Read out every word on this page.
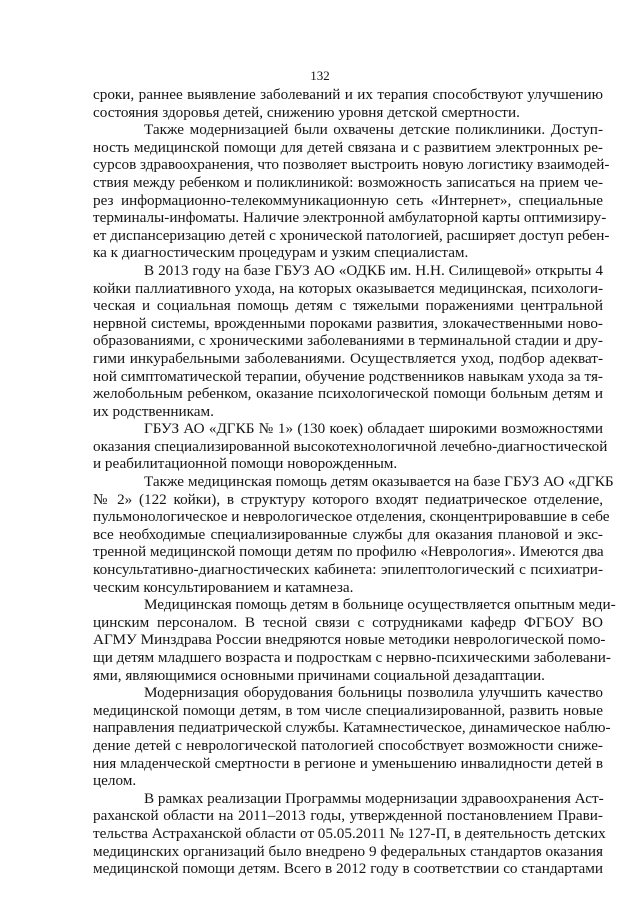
132
сроки, раннее выявление заболеваний и их терапия способствуют улучшению
состояния здоровья детей, снижению уровня детской смертности.
Также модернизацией были охвачены детские поликлиники. Доступ-
ность медицинской помощи для детей связана и с развитием электронных ре-
сурсов здравоохранения, что позволяет выстроить новую логистику взаимодей-
ствия между ребенком и поликлиникой: возможность записаться на прием че-
рез информационно-телекоммуникационную сеть «Интернет», специальные
терминалы-инфоматы. Наличие электронной амбулаторной карты оптимизиру-
ет диспансеризацию детей с хронической патологией, расширяет доступ ребен-
ка к диагностическим процедурам и узким специалистам.
В 2013 году на базе ГБУЗ АО «ОДКБ им. Н.Н. Силищевой» открыты 4
койки паллиативного ухода, на которых оказывается медицинская, психологи-
ческая и социальная помощь детям с тяжелыми поражениями центральной
нервной системы, врожденными пороками развития, злокачественными ново-
образованиями, с хроническими заболеваниями в терминальной стадии и дру-
гими инкурабельными заболеваниями. Осуществляется уход, подбор адекват-
ной симптоматической терапии, обучение родственников навыкам ухода за тя-
желобольным ребенком, оказание психологической помощи больным детям и
их родственникам.
ГБУЗ АО «ДГКБ № 1» (130 коек) обладает широкими возможностями
оказания специализированной высокотехнологичной лечебно-диагностической
и реабилитационной помощи новорожденным.
Также медицинская помощь детям оказывается на базе ГБУЗ АО «ДГКБ
№ 2» (122 койки), в структуру которого входят педиатрическое отделение,
пульмонологическое и неврологическое отделения, сконцентрировавшие в себе
все необходимые специализированные службы для оказания плановой и экс-
тренной медицинской помощи детям по профилю «Неврология». Имеются два
консультативно-диагностических кабинета: эпилептологический с психиатри-
ческим консультированием и катамнеза.
Медицинская помощь детям в больнице осуществляется опытным меди-
цинским персоналом. В тесной связи с сотрудниками кафедр ФГБОУ ВО
АГМУ Минздрава России внедряются новые методики неврологической помо-
щи детям младшего возраста и подросткам с нервно-психическими заболевани-
ями, являющимися основными причинами социальной дезадаптации.
Модернизация оборудования больницы позволила улучшить качество
медицинской помощи детям, в том числе специализированной, развить новые
направления педиатрической службы. Катамнестическое, динамическое наблю-
дение детей с неврологической патологией способствует возможности сниже-
ния младенческой смертности в регионе и уменьшению инвалидности детей в
целом.
В рамках реализации Программы модернизации здравоохранения Аст-
раханской области на 2011–2013 годы, утвержденной постановлением Прави-
тельства Астраханской области от 05.05.2011 № 127-П, в деятельность детских
медицинских организаций было внедрено 9 федеральных стандартов оказания
медицинской помощи детям. Всего в 2012 году в соответствии со стандартами
